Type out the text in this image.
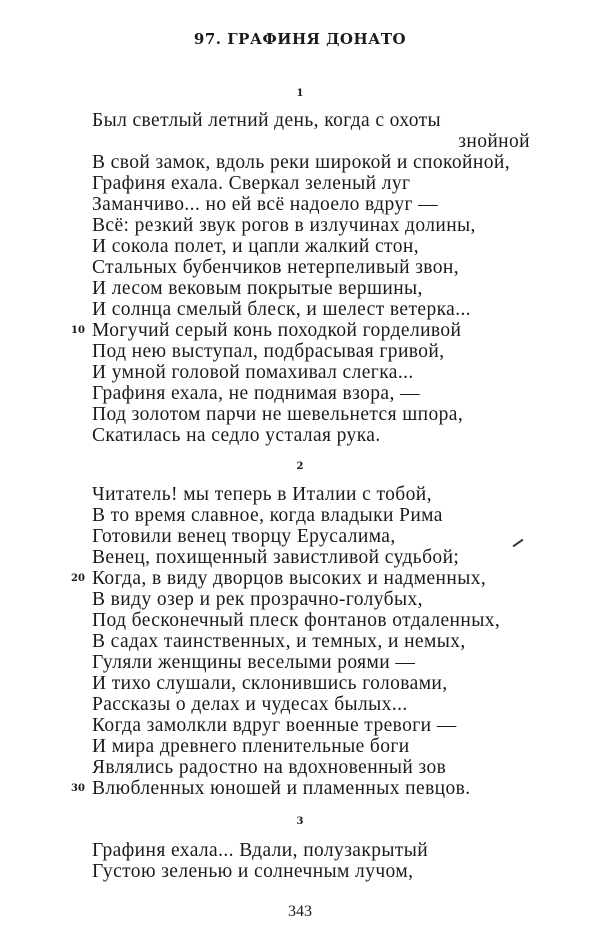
97. ГРАФИНЯ ДОНАТО
1
Был светлый летний день, когда с охоты
знойной
В свой замок, вдоль реки широкой и спокойной,
Графиня ехала. Сверкал зеленый луг
Заманчиво... но ей всё надоело вдруг —
Всё: резкий звук рогов в излучинах долины,
И сокола полет, и цапли жалкий стон,
Стальных бубенчиков нетерпеливый звон,
И лесом вековым покрытые вершины,
И солнца смелый блеск, и шелест ветерка...
10 Могучий серый конь походкой горделивой
Под нею выступал, подбрасывая гривой,
И умной головой помахивал слегка...
Графиня ехала, не поднимая взора, —
Под золотом парчи не шевельнется шпора,
Скатилась на седло усталая рука.
2
Читатель! мы теперь в Италии с тобой,
В то время славное, когда владыки Рима
Готовили венец творцу Ерусалима,
Венец, похищенный завистливой судьбой;
20 Когда, в виду дворцов высоких и надменных,
В виду озер и рек прозрачно-голубых,
Под бесконечный плеск фонтанов отдаленных,
В садах таинственных, и темных, и немых,
Гуляли женщины веселыми роями —
И тихо слушали, склонившись головами,
Рассказы о делах и чудесах былых...
Когда замолкли вдруг военные тревоги —
И мира древнего пленительные боги
Являлись радостно на вдохновенный зов
30 Влюбленных юношей и пламенных певцов.
3
Графиня ехала... Вдали, полузакрытый
Густою зеленью и солнечным лучом,
343
